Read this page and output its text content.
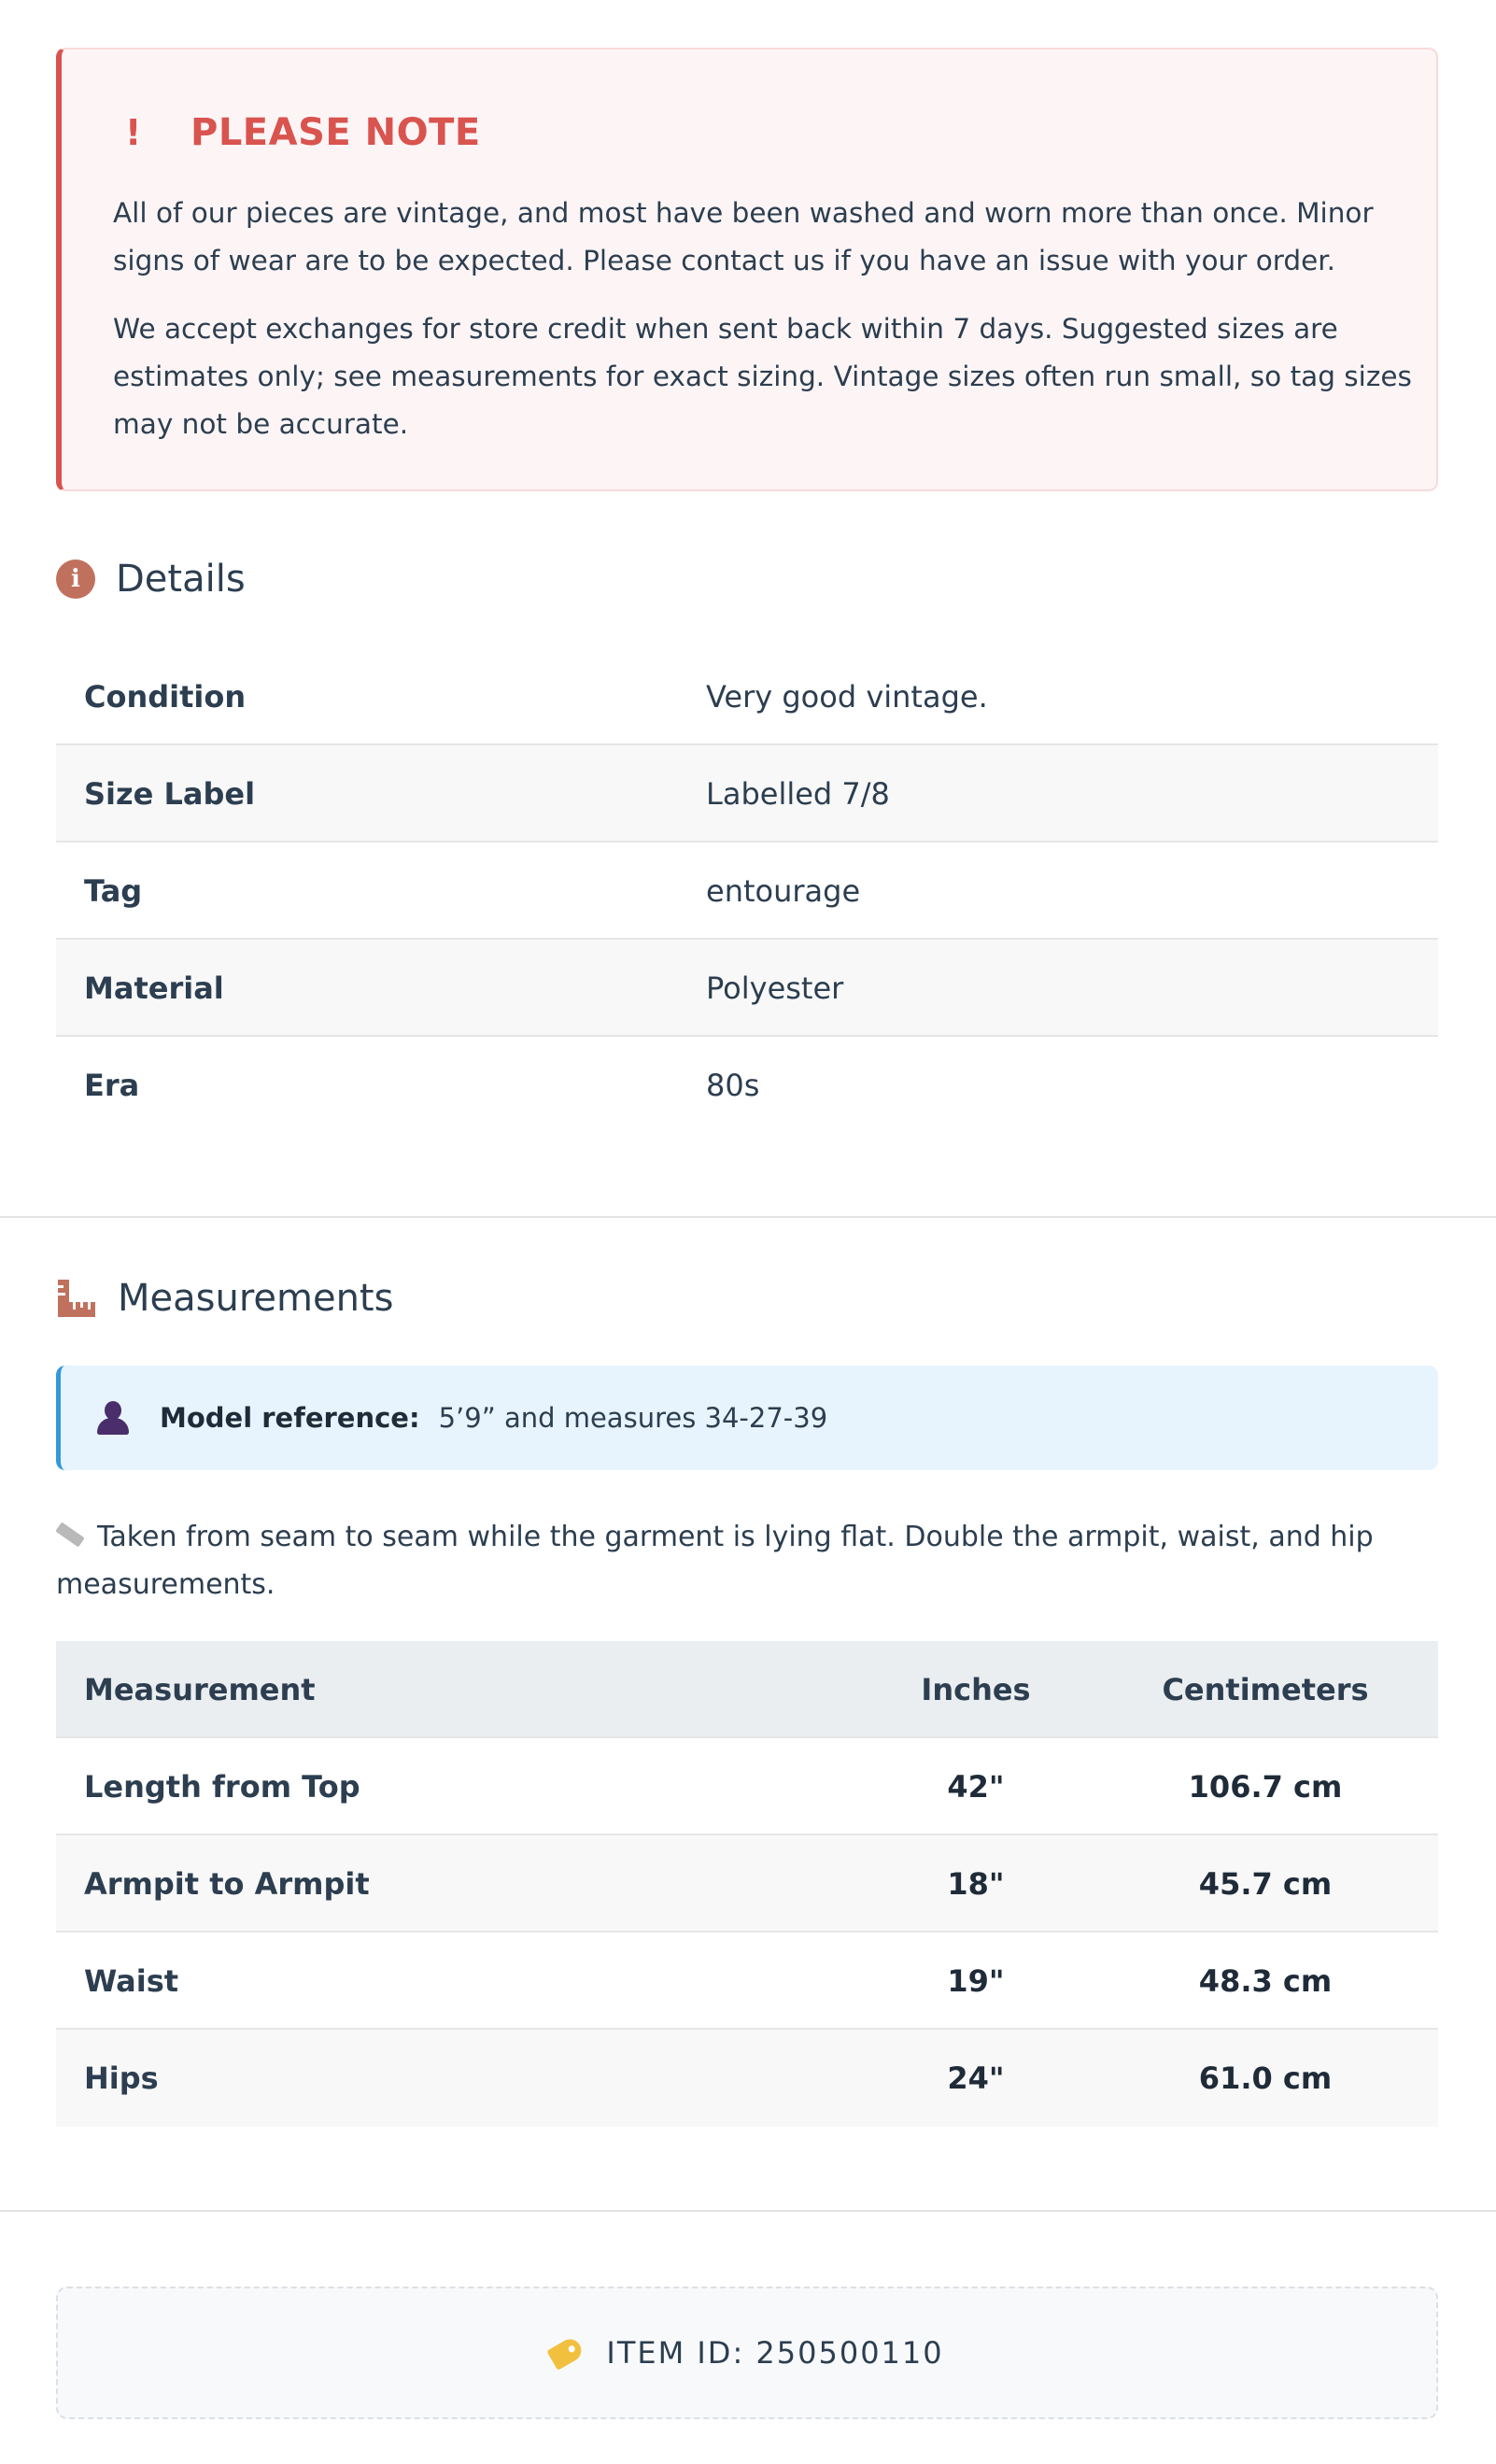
!	PLEASE NOTE

All of our pieces are vintage, and most have been washed and worn more than once. Minor signs of wear are to be expected. Please contact us if you have an issue with your order.

We accept exchanges for store credit when sent back within 7 days. Suggested sizes are estimates only; see measurements for exact sizing. Vintage sizes often run small, so tag sizes may not be accurate.

i Details
Condition	Very good vintage.
Size Label	Labelled 7/8
Tag	entourage
Material	Polyester
Era	80s
Measurements
Model reference: 5’9” and measures 34-27-39

Taken from seam to seam while the garment is lying flat. Double the armpit, waist, and hip measurements.

Measurement	Inches	Centimeters
Length from Top	42"	106.7 cm
Armpit to Armpit	18"	45.7 cm
Waist	19"	48.3 cm
Hips	24"	61.0 cm
ITEM ID: 250500110
